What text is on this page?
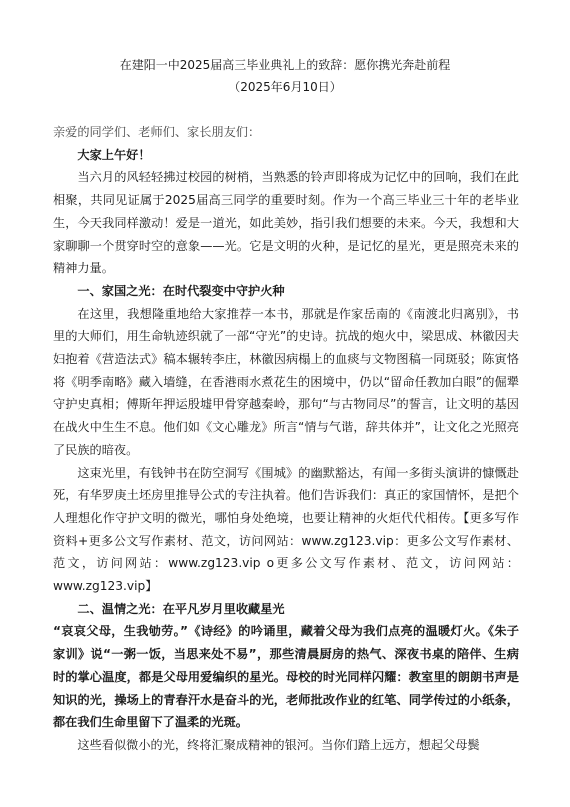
在建阳一中2025届高三毕业典礼上的致辞：愿你携光奔赴前程
（2025年6月10日）

亲爱的同学们、老师们、家长朋友们：

大家上午好！

当六月的风轻轻拂过校园的树梢，当熟悉的铃声即将成为记忆中的回响，我们在此相聚，共同见证属于2025届高三同学的重要时刻。作为一个高三毕业三十年的老毕业生，今天我同样激动！爱是一道光，如此美妙，指引我们想要的未来。今天，我想和大家聊聊一个贯穿时空的意象——光。它是文明的火种，是记忆的星光，更是照亮未来的精神力量。

一、家国之光：在时代裂变中守护火种

在这里，我想隆重地给大家推荐一本书，那就是作家岳南的《南渡北归离别》，书里的大师们，用生命轨迹织就了一部“守光”的史诗。抗战的炮火中，梁思成、林徽因夫妇抱着《营造法式》稿本辗转李庄，林徽因病榻上的血痰与文物图稿一同斑驳；陈寅恪将《明季南略》藏入墙缝，在香港雨水煮花生的困境中，仍以“留命任教加白眼”的倔犟守护史真相；傅斯年押运殷墟甲骨穿越秦岭，那句“与古物同尽”的誓言，让文明的基因在战火中生生不息。他们如《文心雕龙》所言“情与气谐，辞共体并”，让文化之光照亮了民族的暗夜。

这束光里，有钱钟书在防空洞写《围城》的幽默豁达，有闻一多街头演讲的慷慨赴死，有华罗庚土坯房里推导公式的专注执着。他们告诉我们：真正的家国情怀，是把个人理想化作守护文明的微光，哪怕身处绝境，也要让精神的火炬代代相传。【更多写作资料+更多公文写作素材、范文，访问网站：www.zg123.vip：更多公文写作素材、范文，访问网站：www.zg123.vip o更多公文写作素材、范文，访问网站：www.zg123.vip】

二、温情之光：在平凡岁月里收藏星光

“哀哀父母，生我劬劳。”《诗经》的吟诵里，藏着父母为我们点亮的温暖灯火。《朱子家训》说“一粥一饭，当思来处不易”，那些清晨厨房的热气、深夜书桌的陪伴、生病时的掌心温度，都是父母用爱编织的星光。母校的时光同样闪耀：教室里的朗朗书声是知识的光，操场上的青春汗水是奋斗的光，老师批改作业的红笔、同学传过的小纸条，都在我们生命里留下了温柔的光斑。

这些看似微小的光，终将汇聚成精神的银河。当你们踏上远方，想起父母鬓
